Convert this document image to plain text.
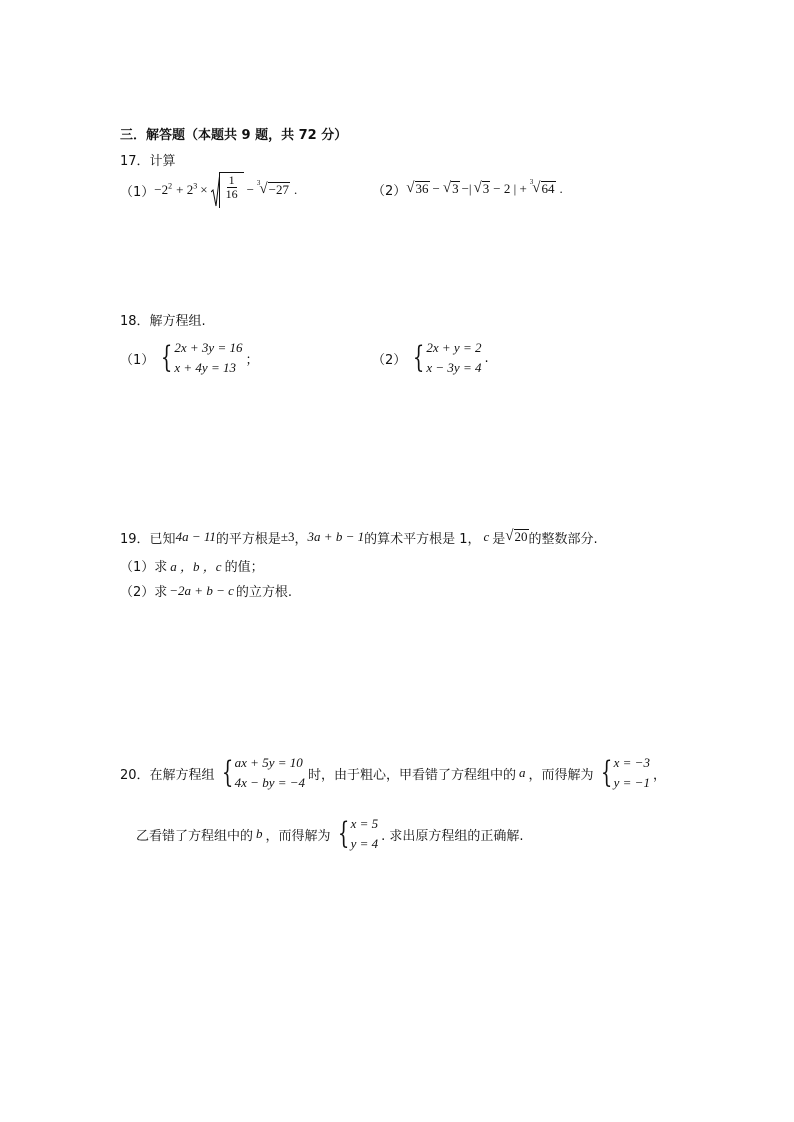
三．解答题（本题共 9 题，共 72 分）
17．计算
$(1) -2^2 + 2^3 \times \frac{1}{16} - 3$ √ −27 .	（2） √ 36 − √ 3 −| √ 3 − 2 | + 3 √ 64 .
18．解方程组.
（1） { 2x + 3y = 16
x + 4y = 13 ；	（2） { 2x + y = 2
x − 3y = 4
.
19． 已知 4a − 11 的平方根是 ±3 ， 3a + b − 1 的算术平方根是 1， c 是 √ 20 的整数部分.
（1）求 a ，b ，c 的值；
（2）求 −2a + b − c 的立方根.
20． 在解方程组 { ax + 5y = 10
4x − by = −4 时，由于粗心，甲看错了方程组中的 a ，而得解为 { x = −3
y = −1 ，
乙看错了方程组中的 b ，而得解为 { x = 5
y = 4 . 求出原方程组的正确解.
